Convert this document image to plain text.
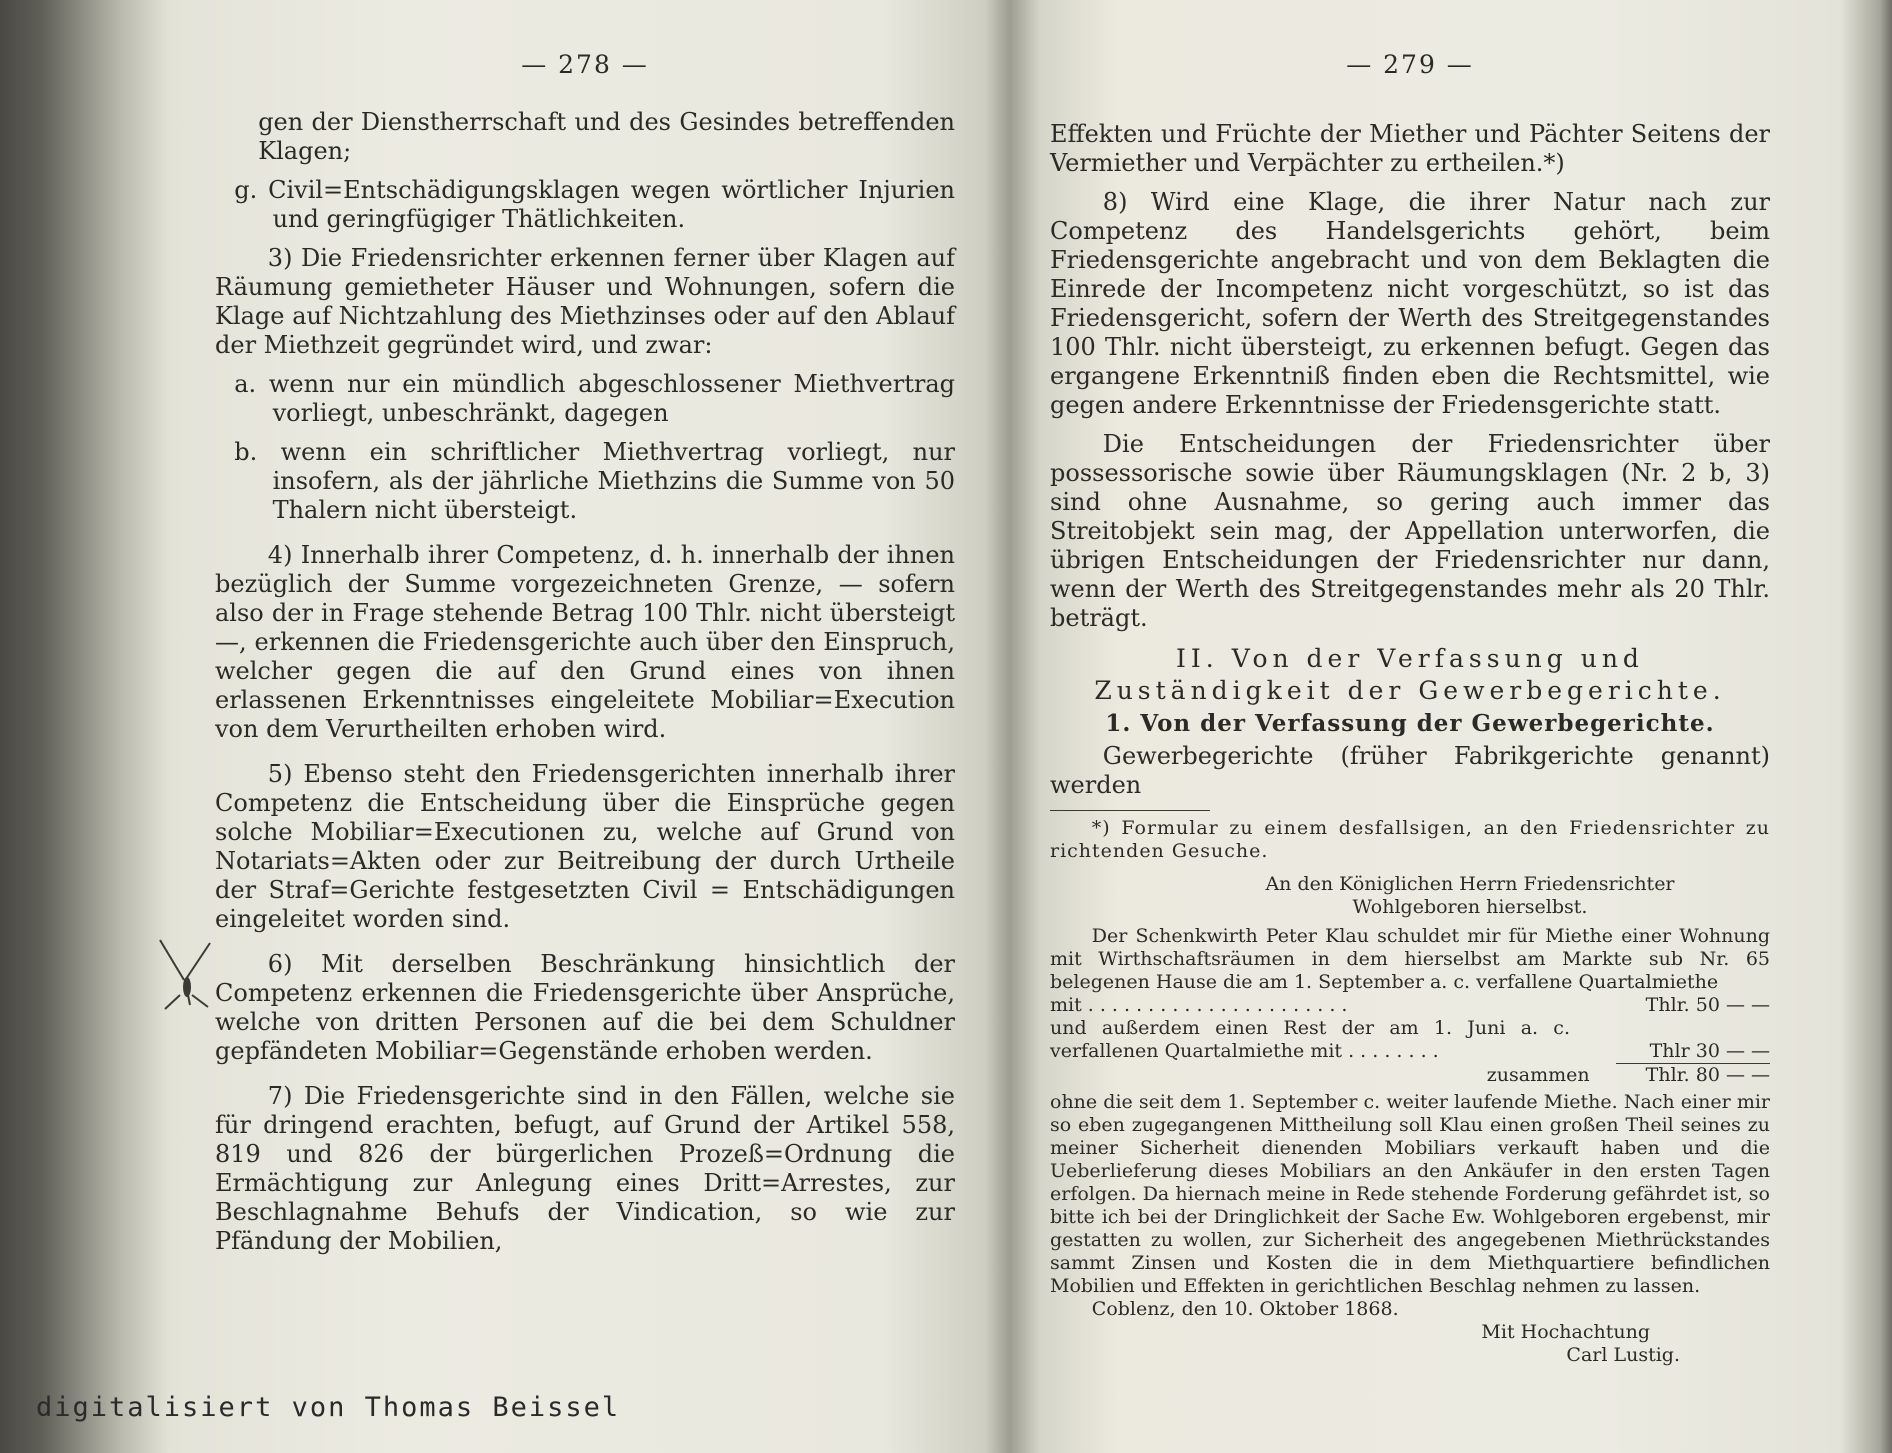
— 278 —

gen der Dienstherrschaft und des Gesindes betreffenden Klagen;

g. Civil=Entschädigungsklagen wegen wörtlicher Injurien und geringfügiger Thätlichkeiten.

3) Die Friedensrichter erkennen ferner über Klagen auf Räumung gemietheter Häuser und Wohnungen, sofern die Klage auf Nichtzahlung des Miethzinses oder auf den Ablauf der Miethzeit gegründet wird, und zwar:

a. wenn nur ein mündlich abgeschlossener Miethvertrag vorliegt, unbeschränkt, dagegen

b. wenn ein schriftlicher Miethvertrag vorliegt, nur insofern, als der jährliche Miethzins die Summe von 50 Thalern nicht übersteigt.

4) Innerhalb ihrer Competenz, d. h. innerhalb der ihnen bezüglich der Summe vorgezeichneten Grenze, — sofern also der in Frage stehende Betrag 100 Thlr. nicht übersteigt —, erkennen die Friedensgerichte auch über den Einspruch, welcher gegen die auf den Grund eines von ihnen erlassenen Erkenntnisses eingeleitete Mobiliar=Execution von dem Verurtheilten erhoben wird.

5) Ebenso steht den Friedensgerichten innerhalb ihrer Competenz die Entscheidung über die Einsprüche gegen solche Mobiliar=Executionen zu, welche auf Grund von Notariats=Akten oder zur Beitreibung der durch Urtheile der Straf=Gerichte festgesetzten Civil = Entschädigungen eingeleitet worden sind.

6) Mit derselben Beschränkung hinsichtlich der Competenz erkennen die Friedensgerichte über Ansprüche, welche von dritten Personen auf die bei dem Schuldner gepfändeten Mobiliar=Gegenstände erhoben werden.

7) Die Friedensgerichte sind in den Fällen, welche sie für dringend erachten, befugt, auf Grund der Artikel 558, 819 und 826 der bürgerlichen Prozeß=Ordnung die Ermächtigung zur Anlegung eines Dritt=Arrestes, zur Beschlagnahme Behufs der Vindication, so wie zur Pfändung der Mobilien,

— 279 —

Effekten und Früchte der Miether und Pächter Seitens der Vermiether und Verpächter zu ertheilen.*)

8) Wird eine Klage, die ihrer Natur nach zur Competenz des Handelsgerichts gehört, beim Friedensgerichte angebracht und von dem Beklagten die Einrede der Incompetenz nicht vorgeschützt, so ist das Friedensgericht, sofern der Werth des Streitgegenstandes 100 Thlr. nicht übersteigt, zu erkennen befugt. Gegen das ergangene Erkenntniß finden eben die Rechtsmittel, wie gegen andere Erkenntnisse der Friedensgerichte statt.

Die Entscheidungen der Friedensrichter über possessorische sowie über Räumungsklagen (Nr. 2 b, 3) sind ohne Ausnahme, so gering auch immer das Streitobjekt sein mag, der Appellation unterworfen, die übrigen Entscheidungen der Friedensrichter nur dann, wenn der Werth des Streitgegenstandes mehr als 20 Thlr. beträgt.

II. Von der Verfassung und Zuständigkeit der Gewerbegerichte.
1. Von der Verfassung der Gewerbegerichte.

Gewerbegerichte (früher Fabrikgerichte genannt) werden

*) Formular zu einem desfallsigen, an den Friedensrichter zu richtenden Gesuche.

An den Königlichen Herrn Friedensrichter
Wohlgeboren hierselbst.

Der Schenkwirth Peter Klau schuldet mir für Miethe einer Wohnung mit Wirthschaftsräumen in dem hierselbst am Markte sub Nr. 65 belegenen Hause die am 1. September a. c. verfallene Quartalmiethe

mit . . . . . . . . . . . . . . . . . . . . . .	Thlr. 50 — —
und außerdem einen Rest der am 1. Juni a. c. verfallenen Quartalmiethe mit . . . . . . . .	Thlr 30 — —
zusammen	Thlr. 80 — —

ohne die seit dem 1. September c. weiter laufende Miethe. Nach einer mir so eben zugegangenen Mittheilung soll Klau einen großen Theil seines zu meiner Sicherheit dienenden Mobiliars verkauft haben und die Ueberlieferung dieses Mobiliars an den Ankäufer in den ersten Tagen erfolgen. Da hiernach meine in Rede stehende Forderung gefährdet ist, so bitte ich bei der Dringlichkeit der Sache Ew. Wohlgeboren ergebenst, mir gestatten zu wollen, zur Sicherheit des angegebenen Miethrückstandes sammt Zinsen und Kosten die in dem Miethquartiere befindlichen Mobilien und Effekten in gerichtlichen Beschlag nehmen zu lassen.

Coblenz, den 10. Oktober 1868.
Mit Hochachtung
Carl Lustig.
digitalisiert von Thomas Beissel
